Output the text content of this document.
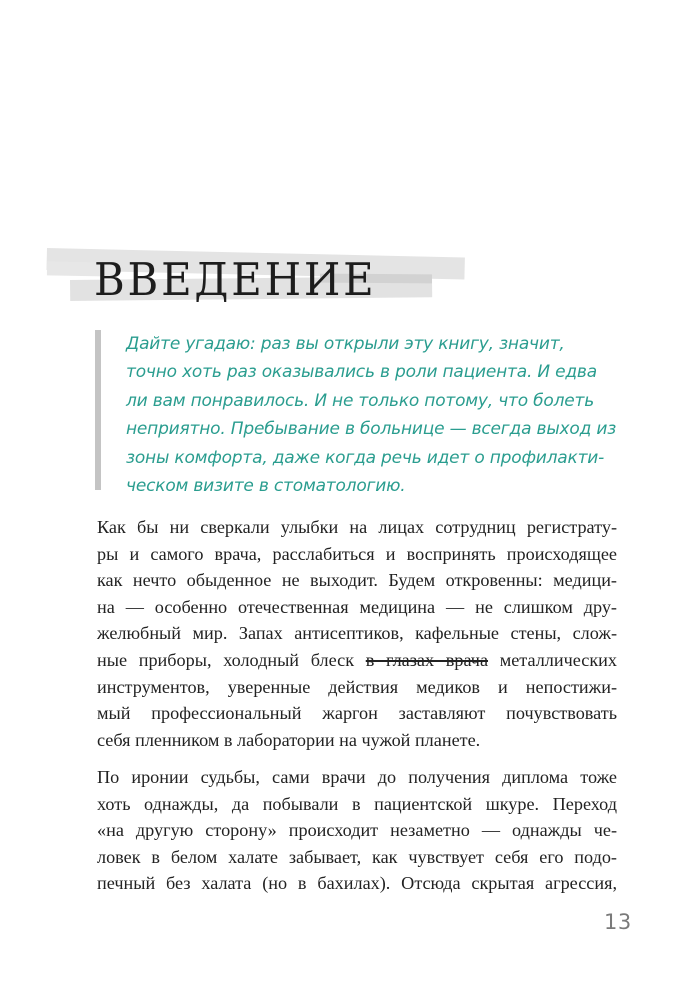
ВВЕДЕНИЕ

Дайте угадаю: раз вы открыли эту книгу, значит,
точно хоть раз оказывались в роли пациента. И едва
ли вам понравилось. И не только потому, что болеть
неприятно. Пребывание в больнице — всегда выход из
зоны комфорта, даже когда речь идет о профилакти-
ческом визите в стоматологию.

Как бы ни сверкали улыбки на лицах сотрудниц регистрату-
ры и самого врача, расслабиться и воспринять происходящее
как нечто обыденное не выходит. Будем откровенны: медици-
на — особенно отечественная медицина — не слишком дру-
желюбный мир. Запах антисептиков, кафельные стены, слож-
ные приборы, холодный блеск в глазах врача металлических
инструментов, уверенные действия медиков и непостижи-
мый профессиональный жаргон заставляют почувствовать
себя пленником в лаборатории на чужой планете.

По иронии судьбы, сами врачи до получения диплома тоже
хоть однажды, да побывали в пациентской шкуре. Переход
«на другую сторону» происходит незаметно — однажды че-
ловек в белом халате забывает, как чувствует себя его подо-
печный без халата (но в бахилах). Отсюда скрытая агрессия,

13
